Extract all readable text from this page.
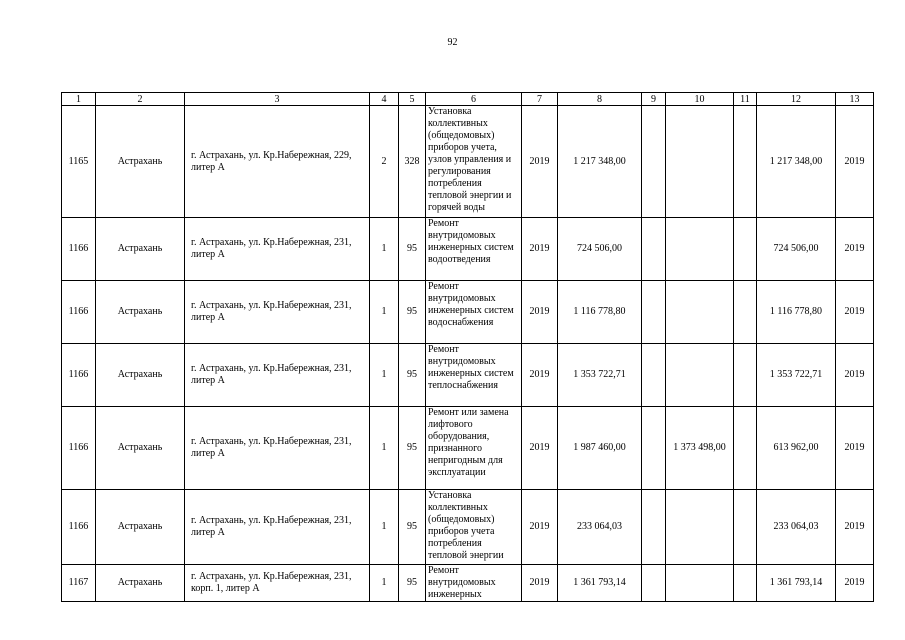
92
1	2	3	4	5	6	7	8	9	10	11	12	13
1165	Астрахань	г. Астрахань, ул. Кр.Набережная, 229, литер А	2	328	Установка коллективных (общедомовых) приборов учета, узлов управления и регулирования потребления тепловой энергии и горячей воды	2019	1 217 348,00				1 217 348,00	2019
1166	Астрахань	г. Астрахань, ул. Кр.Набережная, 231, литер А	1	95	Ремонт внутридомовых инженерных систем водоотведения	2019	724 506,00				724 506,00	2019
1166	Астрахань	г. Астрахань, ул. Кр.Набережная, 231, литер А	1	95	Ремонт внутридомовых инженерных систем водоснабжения	2019	1 116 778,80				1 116 778,80	2019
1166	Астрахань	г. Астрахань, ул. Кр.Набережная, 231, литер А	1	95	Ремонт внутридомовых инженерных систем теплоснабжения	2019	1 353 722,71				1 353 722,71	2019
1166	Астрахань	г. Астрахань, ул. Кр.Набережная, 231, литер А	1	95	Ремонт или замена лифтового оборудования, признанного непригодным для эксплуатации	2019	1 987 460,00		1 373 498,00		613 962,00	2019
1166	Астрахань	г. Астрахань, ул. Кр.Набережная, 231, литер А	1	95	Установка коллективных (общедомовых) приборов учета потребления тепловой энергии	2019	233 064,03				233 064,03	2019
1167	Астрахань	г. Астрахань, ул. Кр.Набережная, 231, корп. 1, литер А	1	95	Ремонт внутридомовых инженерных	2019	1 361 793,14				1 361 793,14	2019
